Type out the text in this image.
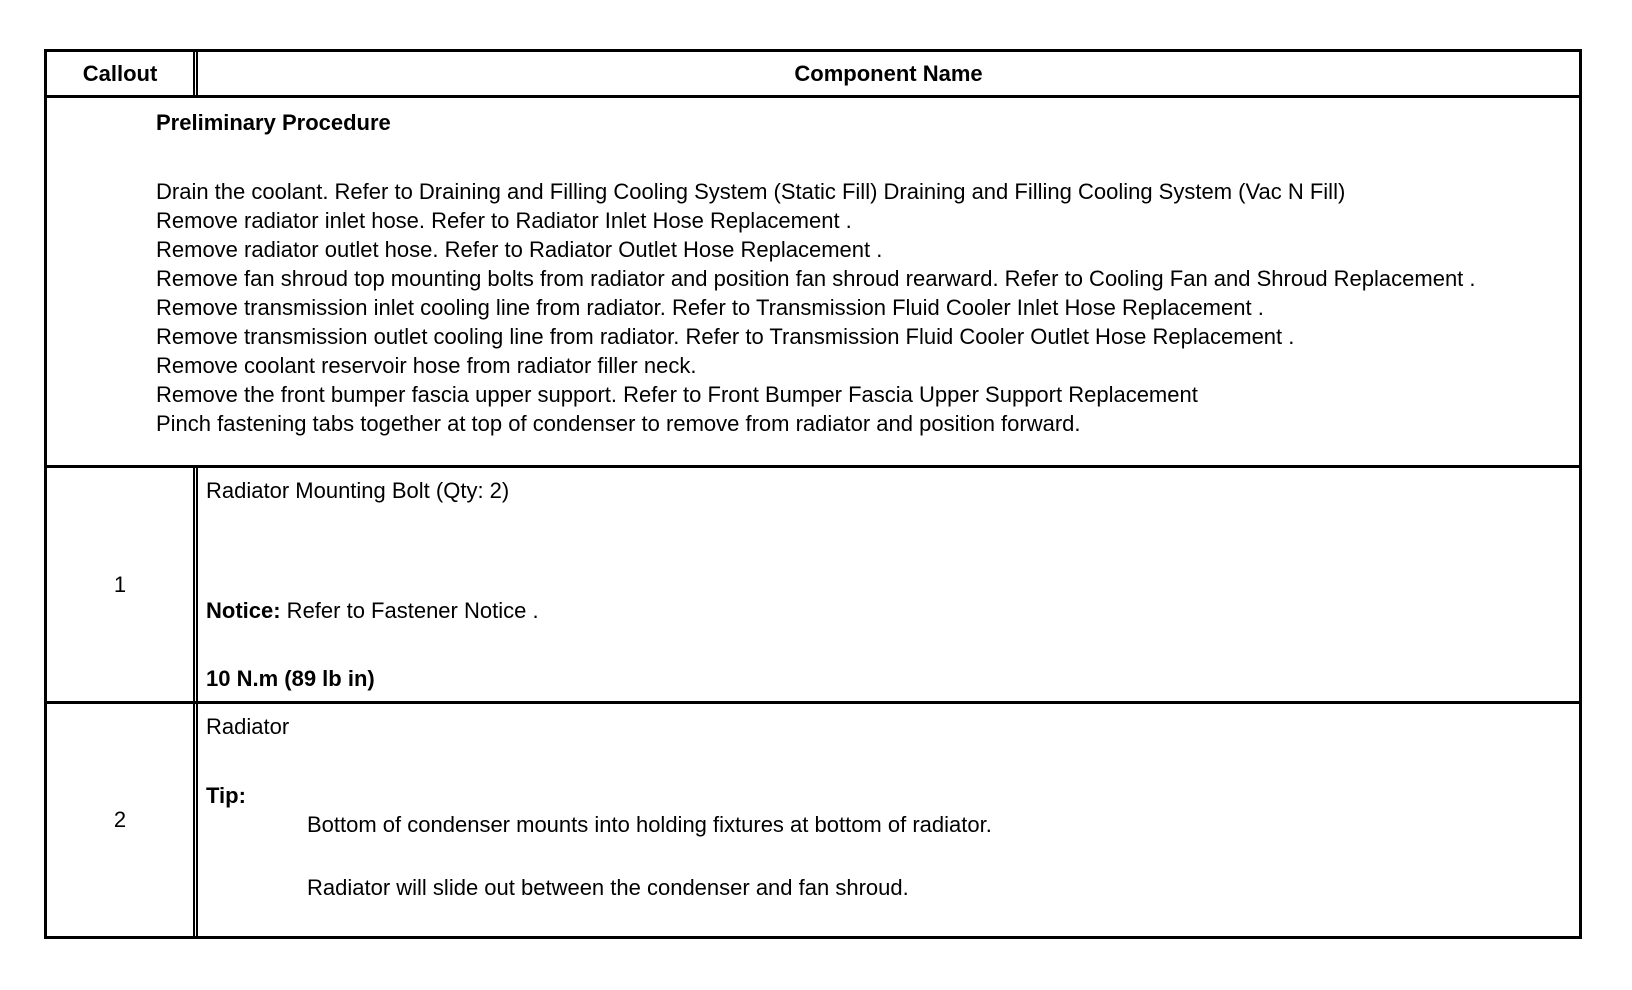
Callout	Component Name
Preliminary Procedure

Drain the coolant. Refer to Draining and Filling Cooling System (Static Fill) Draining and Filling Cooling System (Vac N Fill)

Remove radiator inlet hose. Refer to Radiator Inlet Hose Replacement .

Remove radiator outlet hose. Refer to Radiator Outlet Hose Replacement .

Remove fan shroud top mounting bolts from radiator and position fan shroud rearward. Refer to Cooling Fan and Shroud Replacement .

Remove transmission inlet cooling line from radiator. Refer to Transmission Fluid Cooler Inlet Hose Replacement .

Remove transmission outlet cooling line from radiator. Refer to Transmission Fluid Cooler Outlet Hose Replacement .

Remove coolant reservoir hose from radiator filler neck.

Remove the front bumper fascia upper support. Refer to Front Bumper Fascia Upper Support Replacement

Pinch fastening tabs together at top of condenser to remove from radiator and position forward.

1

Radiator Mounting Bolt (Qty: 2)

Notice: Refer to Fastener Notice .
10 N.m (89 lb in)
2

Radiator

Tip:
Bottom of condenser mounts into holding fixtures at bottom of radiator.
Radiator will slide out between the condenser and fan shroud.
